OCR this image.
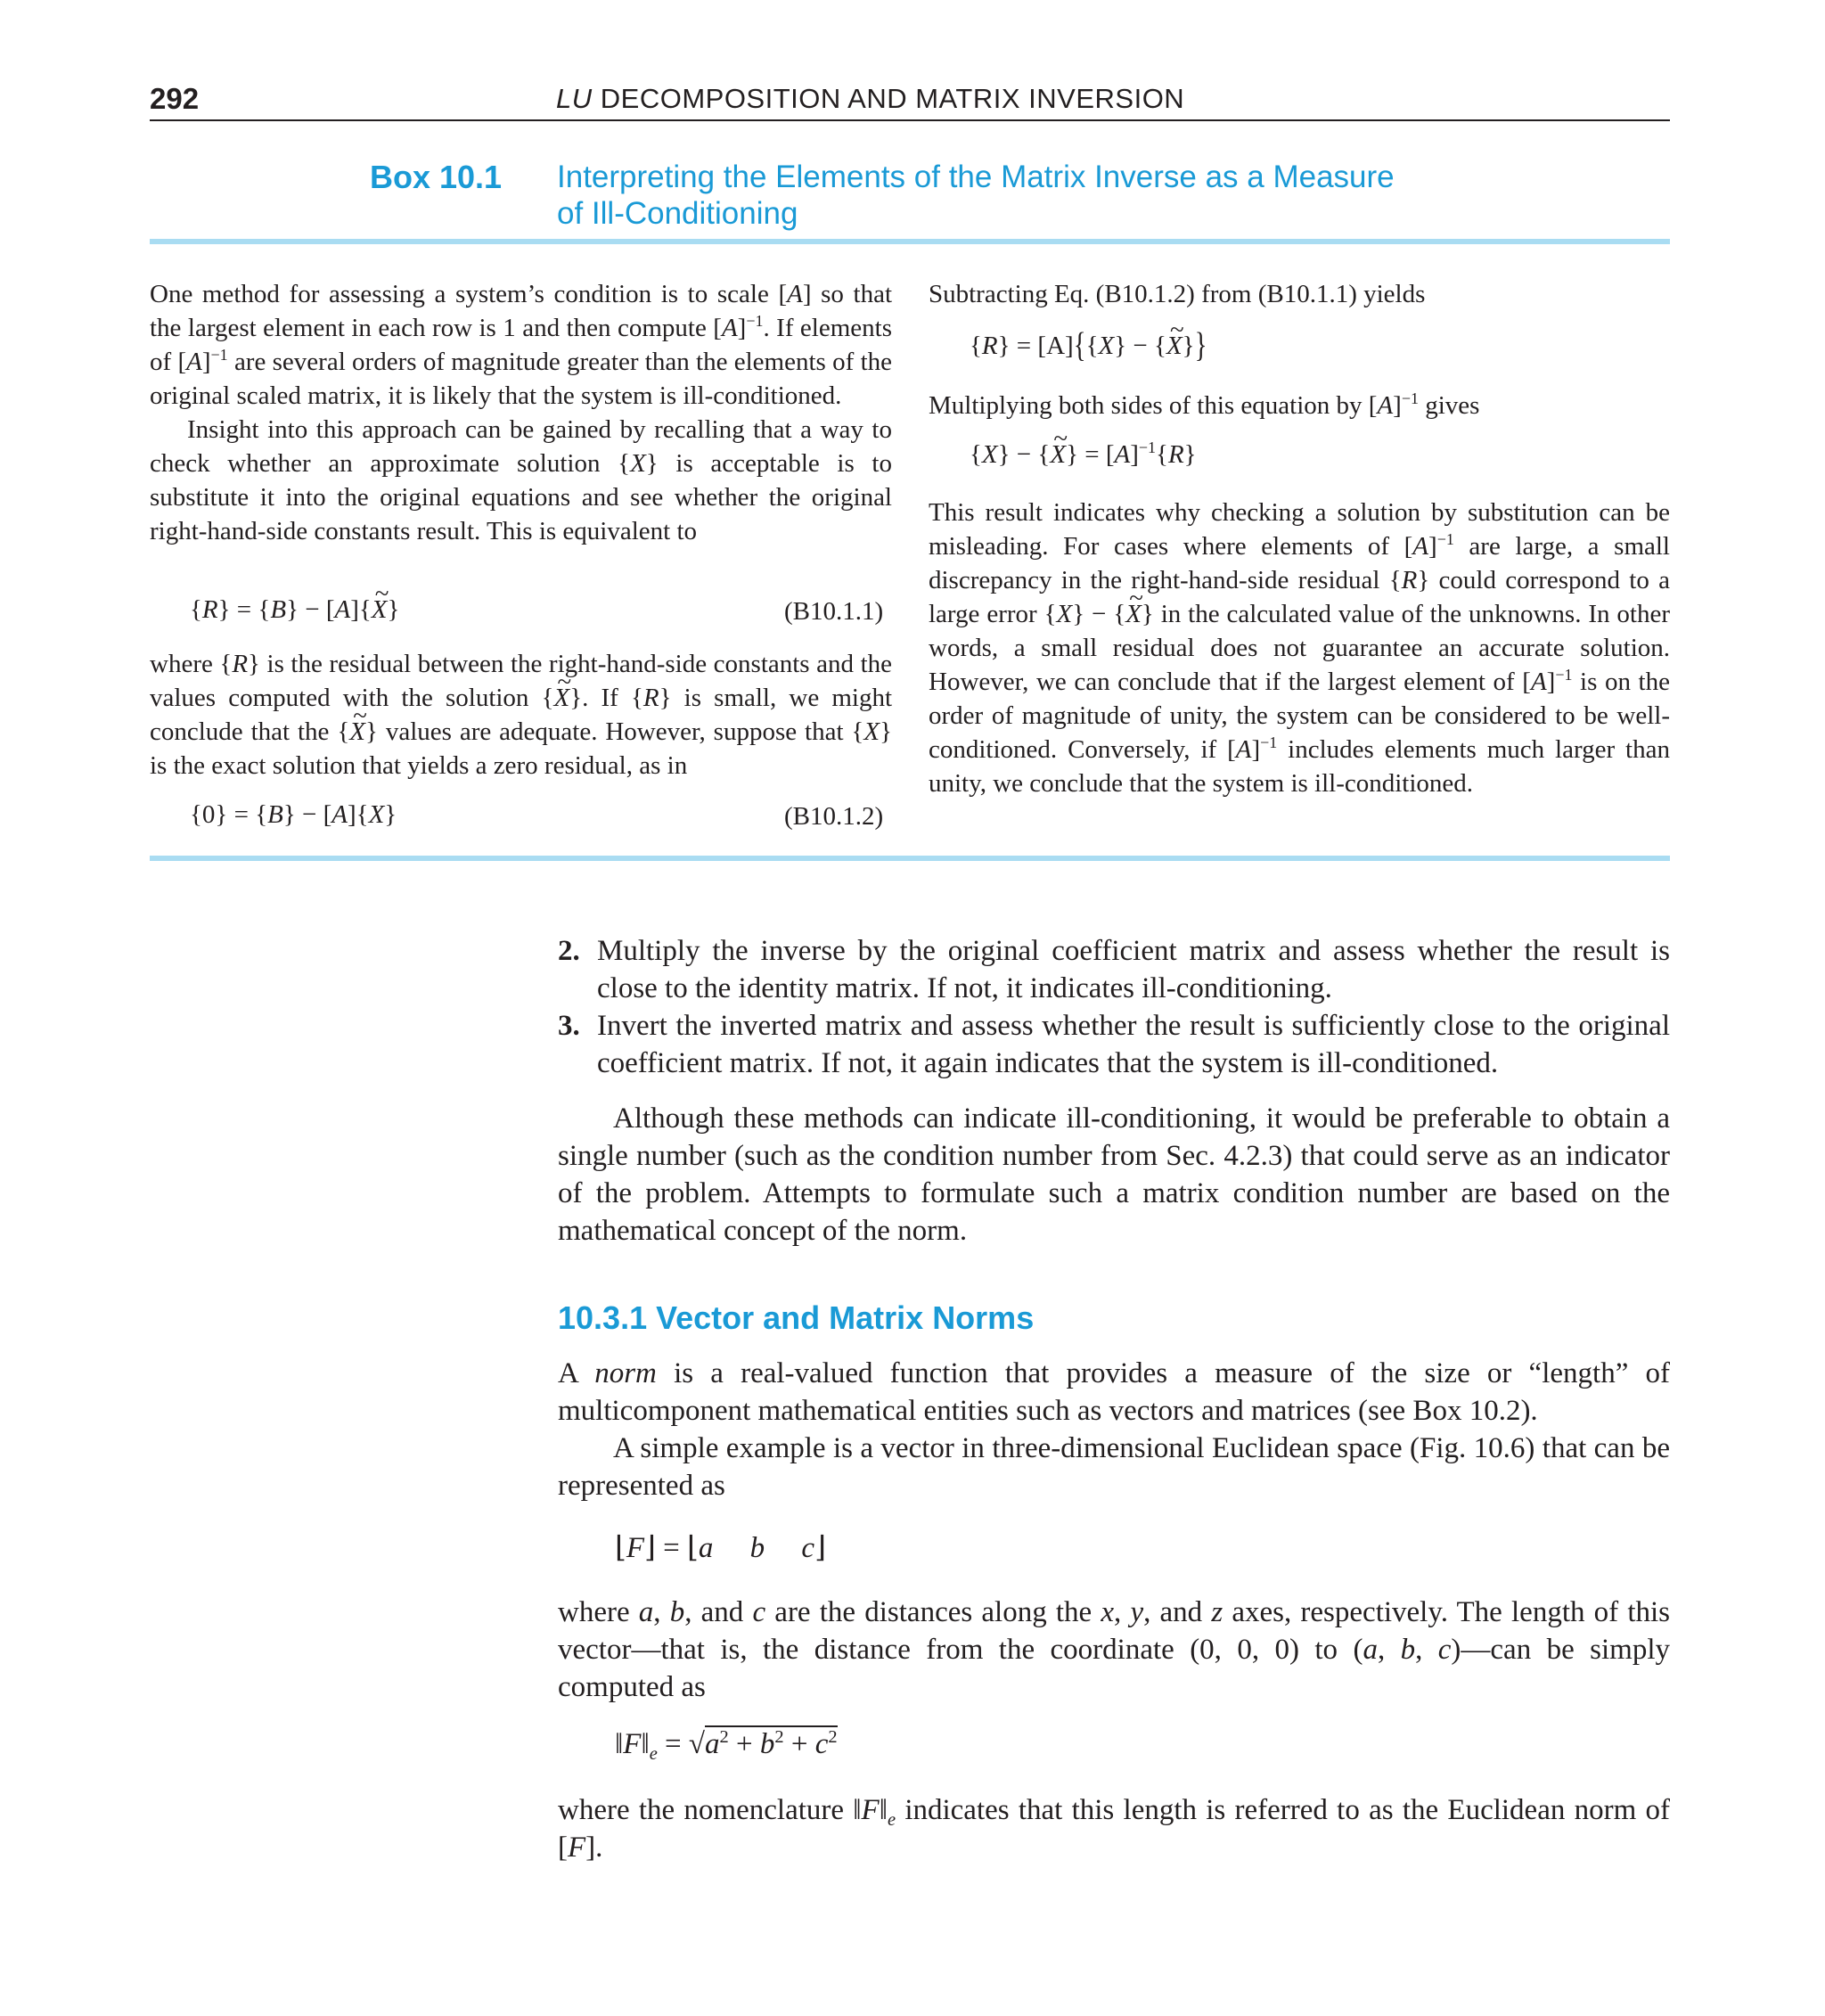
292	LU DECOMPOSITION AND MATRIX INVERSION
Box 10.1 Interpreting the Elements of the Matrix Inverse as a Measure
of Ill-Conditioning

One method for assessing a system’s condition is to scale [A] so that the largest element in each row is 1 and then compute $[A]^{-1}$. If elements of $[A]^{-1}$ are several orders of magnitude greater than the elements of the original scaled matrix, it is likely that the system is ill-conditioned.

Insight into this approach can be gained by recalling that a way to check whether an approximate solution {X} is acceptable is to substitute it into the original equations and see whether the original right-hand-side constants result. This is equivalent to

{R} = {B} − [A]{~ X}	(B10.1.1)

where {R} is the residual between the right-hand-side constants and the values computed with the solution {~ X}. If {R} is small, we might conclude that the {~ X} values are adequate. However, suppose that {X} is the exact solution that yields a zero residual, as in

{0} = {B} − [A]{X}	(B10.1.2)
Subtracting Eq. (B10.1.2) from (B10.1.1) yields
{R} = [A]{{X} − {~ X}}
Multiplying both sides of this equation by $[A]^{-1}$ gives
{X} − {~ $X\} = [A]^{-1}\{R\}$

This result indicates why checking a solution by substitution can be misleading. For cases where elements of $[A]^{-1}$ are large, a small discrepancy in the right-hand-side residual {R} could correspond to a large error {X} − {~ X} in the calculated value of the unknowns. In other words, a small residual does not guarantee an accurate solution. However, we can conclude that if the largest element of $[A]^{-1}$ is on the order of magnitude of unity, the system can be considered to be well-conditioned. Conversely, if $[A]^{-1}$ includes elements much larger than unity, we conclude that the system is ill-conditioned.

2. Multiply the inverse by the original coefficient matrix and assess whether the result is close to the identity matrix. If not, it indicates ill-conditioning.
3. Invert the inverted matrix and assess whether the result is sufficiently close to the original coefficient matrix. If not, it again indicates that the system is ill-conditioned.

Although these methods can indicate ill-conditioning, it would be preferable to obtain a single number (such as the condition number from Sec. 4.2.3) that could serve as an indicator of the problem. Attempts to formulate such a matrix condition number are based on the mathematical concept of the norm.

10.3.1 Vector and Matrix Norms

A norm is a real-valued function that provides a measure of the size or “length” of multicomponent mathematical entities such as vectors and matrices (see Box 10.2).

A simple example is a vector in three-dimensional Euclidean space (Fig. 10.6) that can be represented as

⌊F⌋ = ⌊a b c⌋

where a, b, and c are the distances along the x, y, and z axes, respectively. The length of this vector—that is, the distance from the coordinate (0, 0, 0) to (a, b, c)—can be simply computed as

$‖F‖_e = √a^2 + b^2 + c^2$

where the nomenclature $‖F‖_e$ indicates that this length is referred to as the Euclidean norm of [F].
